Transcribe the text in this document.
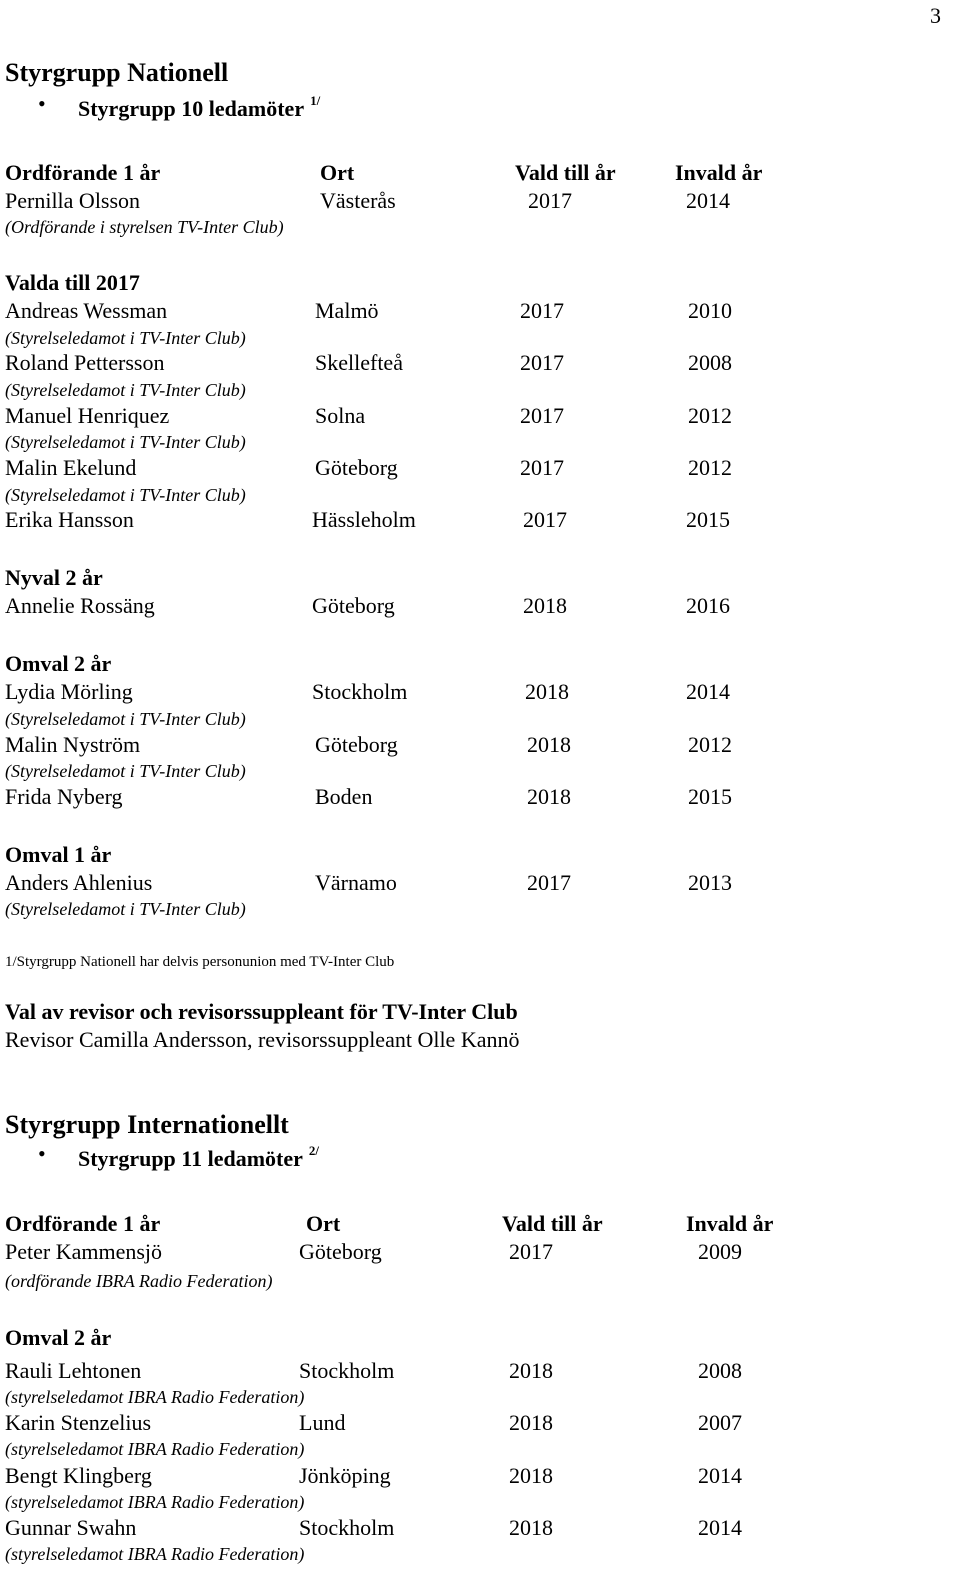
3
Styrgrupp Nationell
• Styrgrupp 10 ledamöter $^{1/}$
Ordförande 1 år	Ort	Vald till år	Invald år
Pernilla Olsson	Västerås	2017	2014
(Ordförande i styrelsen TV-Inter Club)
Valda till 2017
Andreas Wessman	Malmö	2017	2010
(Styrelseledamot i TV-Inter Club)
Roland Pettersson	Skellefteå	2017	2008
(Styrelseledamot i TV-Inter Club)
Manuel Henriquez	Solna	2017	2012
(Styrelseledamot i TV-Inter Club)
Malin Ekelund	Göteborg	2017	2012
(Styrelseledamot i TV-Inter Club)
Erika Hansson	Hässleholm	2017	2015
Nyval 2 år
Annelie Rossäng	Göteborg	2018	2016
Omval 2 år
Lydia Mörling	Stockholm	2018	2014
(Styrelseledamot i TV-Inter Club)
Malin Nyström	Göteborg	2018	2012
(Styrelseledamot i TV-Inter Club)
Frida Nyberg	Boden	2018	2015
Omval 1 år
Anders Ahlenius	Värnamo	2017	2013
(Styrelseledamot i TV-Inter Club)
1/Styrgrupp Nationell har delvis personunion med TV-Inter Club
Val av revisor och revisorssuppleant för TV-Inter Club
Revisor Camilla Andersson, revisorssuppleant Olle Kannö
Styrgrupp Internationellt
• Styrgrupp 11 ledamöter $^{2/}$
Ordförande 1 år	Ort	Vald till år	Invald år
Peter Kammensjö	Göteborg	2017	2009
(ordförande IBRA Radio Federation)
Omval 2 år
Rauli Lehtonen	Stockholm	2018	2008
(styrelseledamot IBRA Radio Federation)
Karin Stenzelius	Lund	2018	2007
(styrelseledamot IBRA Radio Federation)
Bengt Klingberg	Jönköping	2018	2014
(styrelseledamot IBRA Radio Federation)
Gunnar Swahn	Stockholm	2018	2014
(styrelseledamot IBRA Radio Federation)
